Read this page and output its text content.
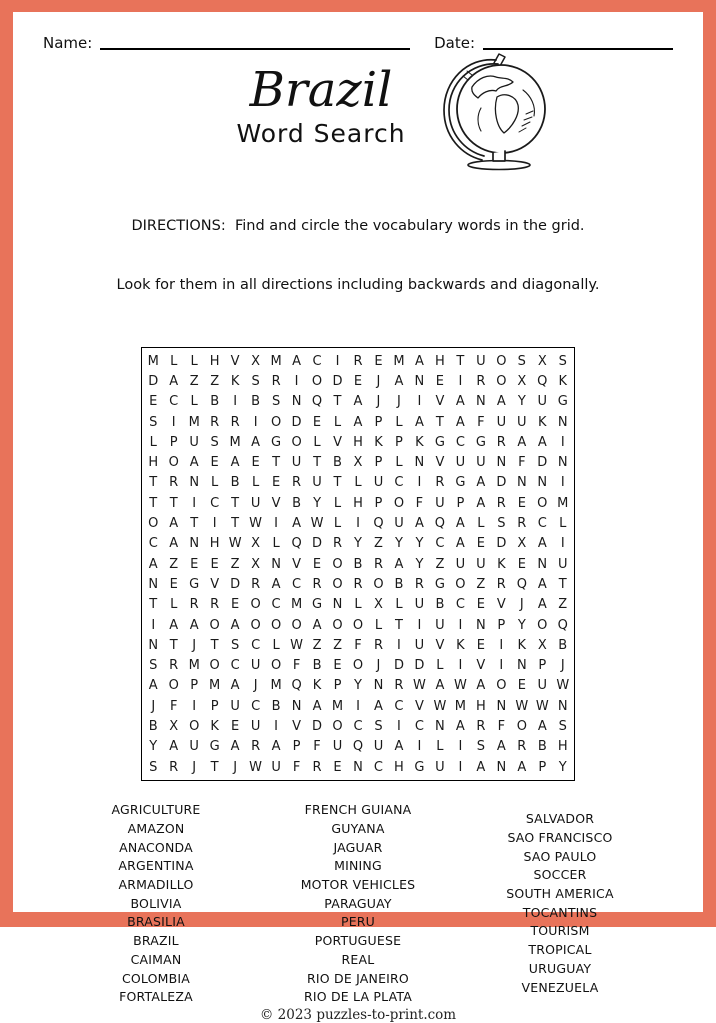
Name:	Date:
Brazil
Word Search

DIRECTIONS:  Find and circle the vocabulary words in the grid.

Look for them in all directions including backwards and diagonally.

M L	L H V X M A C	I	R E M A H T U O S X S
D A Z Z K S R	I	O D E	J	A N E	I	R O X Q K
E C L B	I	B S N Q T A	J	J	I	V A N A Y U G
S	I M R R	I	O D E L A P L A T A F U U K N
L P U S M A G O L V H K P K G C G R A A	I
H O A E A E T U T B X P L N V U U N F D N
T R N L B L E R U T L U C	I	R G A D N N	I
T T	I	C T U V B Y L H P O F U P A R E O M
O A T	I	T W I	A W L	I	Q U A Q A L S R C L
C A N H W X L Q D R Y Z Y Y C A E D X A	I
A Z E E Z X N V E O B R A Y Z U U K E N U
N E G V D R A C R O R O B R G O Z R Q A T
T L R R E O C M G N L X L U B C E V	J	A Z
I	A A O A O O O A O O L T	I	U	I	N P Y O Q
N T	J	T S C L W Z Z F R	I	U V K E	I	K X B
S R M O C U O F B E O	J	D D L	I	V	I	N P	J
A O P M A	J M Q K P Y N R W A W A O E U W
J	F	I	P U C B N A M I	A C V W M H N W W N
B X O K E U	I	V D O C S	I	C N A R F O A S
Y A U G A R A P F U Q U A	I	L	I	S A R B H
S R	J	T	J W U F R E N C H G U	I	A N A P Y
AGRICULTURE
AMAZON
ANACONDA
ARGENTINA
ARMADILLO
BOLIVIA
BRASILIA
BRAZIL
CAIMAN
COLOMBIA
FORTALEZA
FRENCH GUIANA
GUYANA
JAGUAR
MINING
MOTOR VEHICLES
PARAGUAY
PERU
PORTUGUESE
REAL
RIO DE JANEIRO
RIO DE LA PLATA
SALVADOR
SAO FRANCISCO
SAO PAULO
SOCCER
SOUTH AMERICA
TOCANTINS
TOURISM
TROPICAL
URUGUAY
VENEZUELA
© 2023 puzzles-to-print.com
